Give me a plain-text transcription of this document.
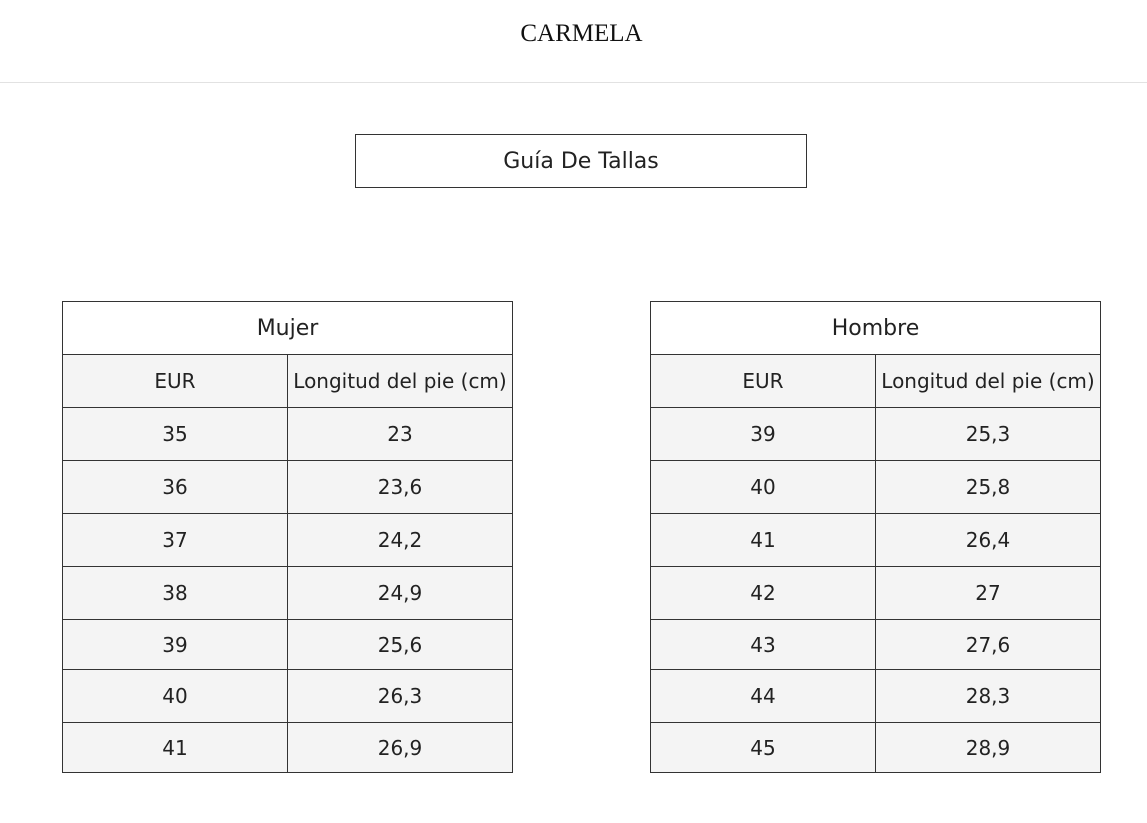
CARMELA
Guía De Tallas
Mujer	
EUR	Longitud del pie (cm)
35	23
36	23,6
37	24,2
38	24,9
39	25,6
40	26,3
41	26,9
Hombre	
EUR	Longitud del pie (cm)
39	25,3
40	25,8
41	26,4
42	27
43	27,6
44	28,3
45	28,9
